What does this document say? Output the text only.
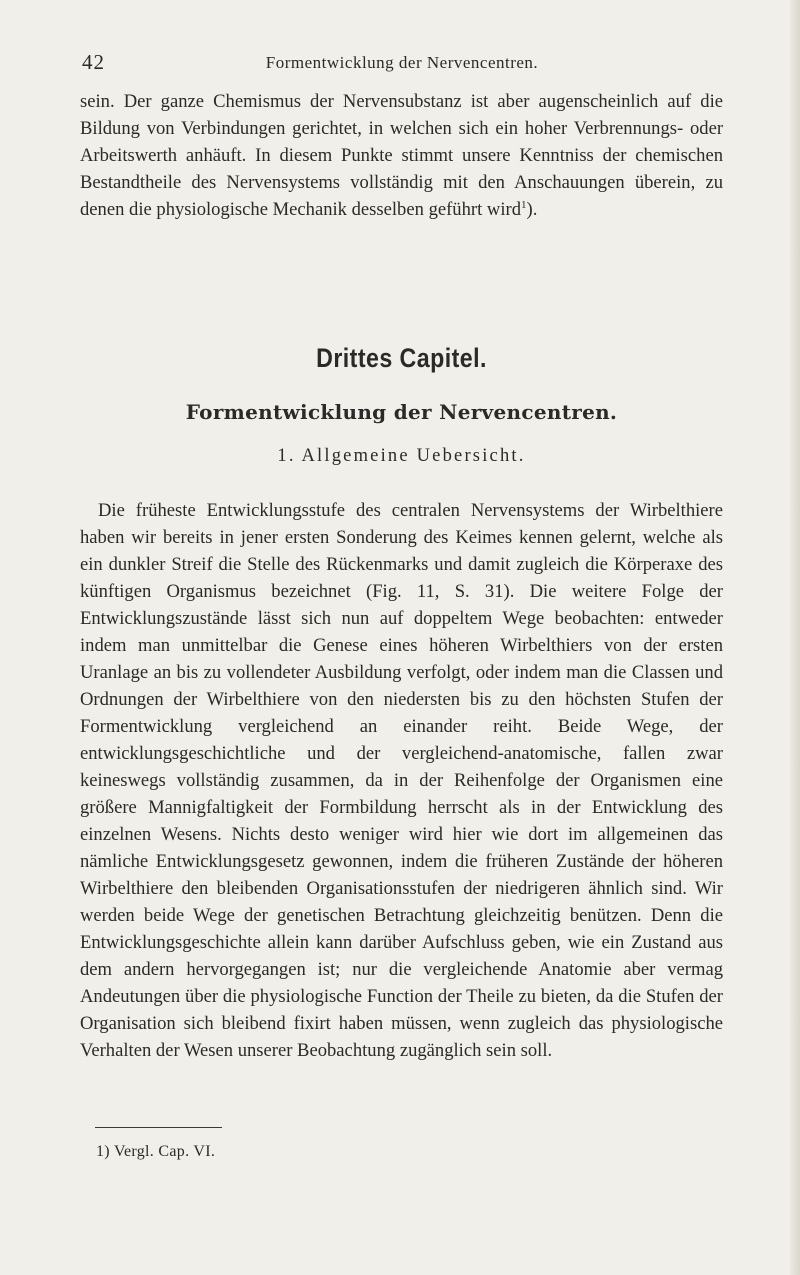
42	Formentwicklung der Nervencentren.

sein. Der ganze Chemismus der Nervensubstanz ist aber augenscheinlich auf die Bildung von Verbindungen gerichtet, in welchen sich ein hoher Verbrennungs- oder Arbeitswerth anhäuft. In diesem Punkte stimmt unsere Kenntniss der chemischen Bestandtheile des Nervensystems vollständig mit den Anschauungen überein, zu denen die physiologische Mechanik desselben geführt wird$^1$).

Drittes Capitel.
Formentwicklung der Nervencentren.
1. Allgemeine Uebersicht.

Die früheste Entwicklungsstufe des centralen Nervensystems der Wirbelthiere haben wir bereits in jener ersten Sonderung des Keimes kennen gelernt, welche als ein dunkler Streif die Stelle des Rückenmarks und damit zugleich die Körperaxe des künftigen Organismus bezeichnet (Fig. 11, S. 31). Die weitere Folge der Entwicklungszustände lässt sich nun auf doppeltem Wege beobachten: entweder indem man unmittelbar die Genese eines höheren Wirbelthiers von der ersten Uranlage an bis zu vollendeter Ausbildung verfolgt, oder indem man die Classen und Ordnungen der Wirbelthiere von den niedersten bis zu den höchsten Stufen der Formentwicklung vergleichend an einander reiht. Beide Wege, der entwicklungsgeschichtliche und der vergleichend-anatomische, fallen zwar keineswegs vollständig zusammen, da in der Reihenfolge der Organismen eine größere Mannigfaltigkeit der Formbildung herrscht als in der Entwicklung des einzelnen Wesens. Nichts desto weniger wird hier wie dort im allgemeinen das nämliche Entwicklungsgesetz gewonnen, indem die früheren Zustände der höheren Wirbelthiere den bleibenden Organisationsstufen der niedrigeren ähnlich sind. Wir werden beide Wege der genetischen Betrachtung gleichzeitig benützen. Denn die Entwicklungsgeschichte allein kann darüber Aufschluss geben, wie ein Zustand aus dem andern hervorgegangen ist; nur die vergleichende Anatomie aber vermag Andeutungen über die physiologische Function der Theile zu bieten, da die Stufen der Organisation sich bleibend fixirt haben müssen, wenn zugleich das physiologische Verhalten der Wesen unserer Beobachtung zugänglich sein soll.

1) Vergl. Cap. VI.
